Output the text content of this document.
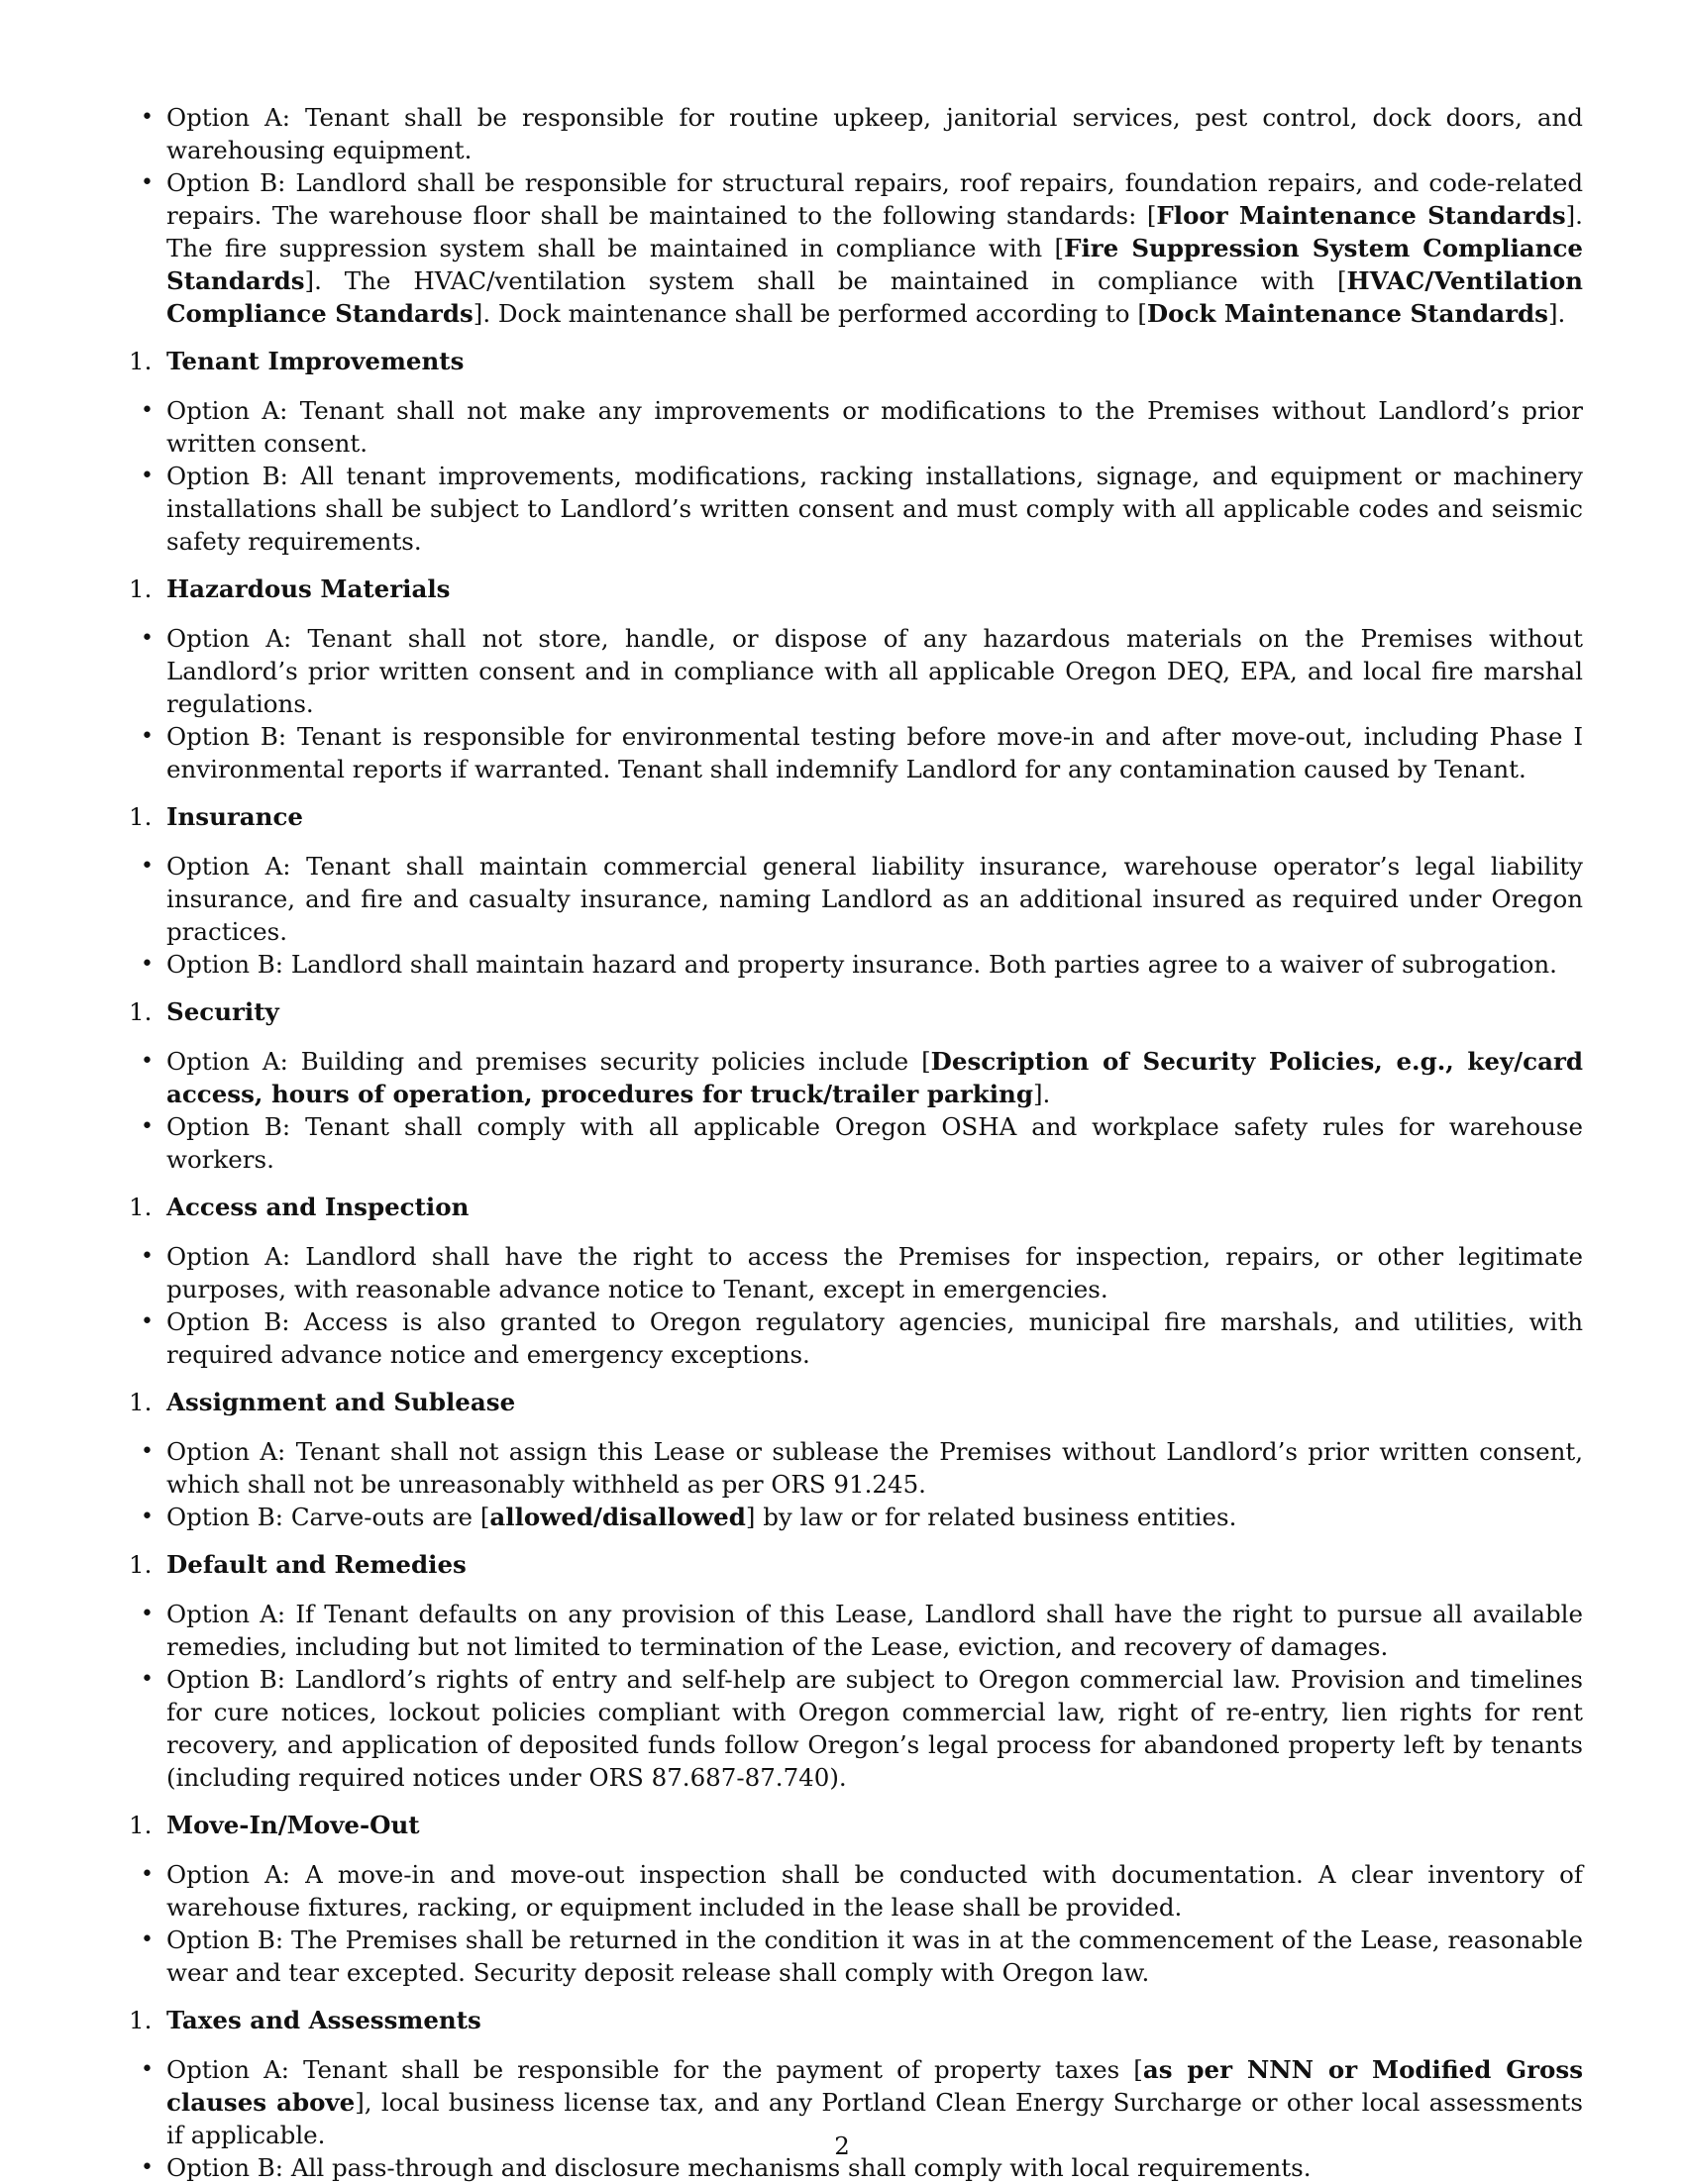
• Option A: Tenant shall be responsible for routine upkeep, janitorial services, pest control, dock doors, and warehousing equipment.
• Option B: Landlord shall be responsible for structural repairs, roof repairs, foundation repairs, and code-related repairs. The warehouse floor shall be maintained to the following standards: [Floor Maintenance Standards]. The fire suppression system shall be maintained in compliance with [Fire Suppression System Compliance Standards]. The HVAC/ventilation system shall be maintained in compliance with [HVAC/Ventilation Compliance Standards]. Dock maintenance shall be performed according to [Dock Maintenance Standards].
1. Tenant Improvements
• Option A: Tenant shall not make any improvements or modifications to the Premises without Landlord’s prior written consent.
• Option B: All tenant improvements, modifications, racking installations, signage, and equipment or machinery installations shall be subject to Landlord’s written consent and must comply with all applicable codes and seismic safety requirements.
1. Hazardous Materials
• Option A: Tenant shall not store, handle, or dispose of any hazardous materials on the Premises without Landlord’s prior written consent and in compliance with all applicable Oregon DEQ, EPA, and local fire marshal regulations.
• Option B: Tenant is responsible for environmental testing before move-in and after move-out, including Phase I environmental reports if warranted. Tenant shall indemnify Landlord for any contamination caused by Tenant.
1. Insurance
• Option A: Tenant shall maintain commercial general liability insurance, warehouse operator’s legal liability insurance, and fire and casualty insurance, naming Landlord as an additional insured as required under Oregon practices.
• Option B: Landlord shall maintain hazard and property insurance. Both parties agree to a waiver of subrogation.
1. Security
• Option A: Building and premises security policies include [Description of Security Policies, e.g., key/card access, hours of operation, procedures for truck/trailer parking].
• Option B: Tenant shall comply with all applicable Oregon OSHA and workplace safety rules for warehouse workers.
1. Access and Inspection
• Option A: Landlord shall have the right to access the Premises for inspection, repairs, or other legitimate purposes, with reasonable advance notice to Tenant, except in emergencies.
• Option B: Access is also granted to Oregon regulatory agencies, municipal fire marshals, and utilities, with required advance notice and emergency exceptions.
1. Assignment and Sublease
• Option A: Tenant shall not assign this Lease or sublease the Premises without Landlord’s prior written consent, which shall not be unreasonably withheld as per ORS 91.245.
• Option B: Carve-outs are [allowed/disallowed] by law or for related business entities.
1. Default and Remedies
• Option A: If Tenant defaults on any provision of this Lease, Landlord shall have the right to pursue all available remedies, including but not limited to termination of the Lease, eviction, and recovery of damages.
• Option B: Landlord’s rights of entry and self-help are subject to Oregon commercial law. Provision and timelines for cure notices, lockout policies compliant with Oregon commercial law, right of re-entry, lien rights for rent recovery, and application of deposited funds follow Oregon’s legal process for abandoned property left by tenants (including required notices under ORS 87.687-87.740).
1. Move-In/Move-Out
• Option A: A move-in and move-out inspection shall be conducted with documentation. A clear inventory of warehouse fixtures, racking, or equipment included in the lease shall be provided.
• Option B: The Premises shall be returned in the condition it was in at the commencement of the Lease, reasonable wear and tear excepted. Security deposit release shall comply with Oregon law.
1. Taxes and Assessments
• Option A: Tenant shall be responsible for the payment of property taxes [as per NNN or Modified Gross clauses above], local business license tax, and any Portland Clean Energy Surcharge or other local assessments if applicable.
• Option B: All pass-through and disclosure mechanisms shall comply with local requirements.
2
